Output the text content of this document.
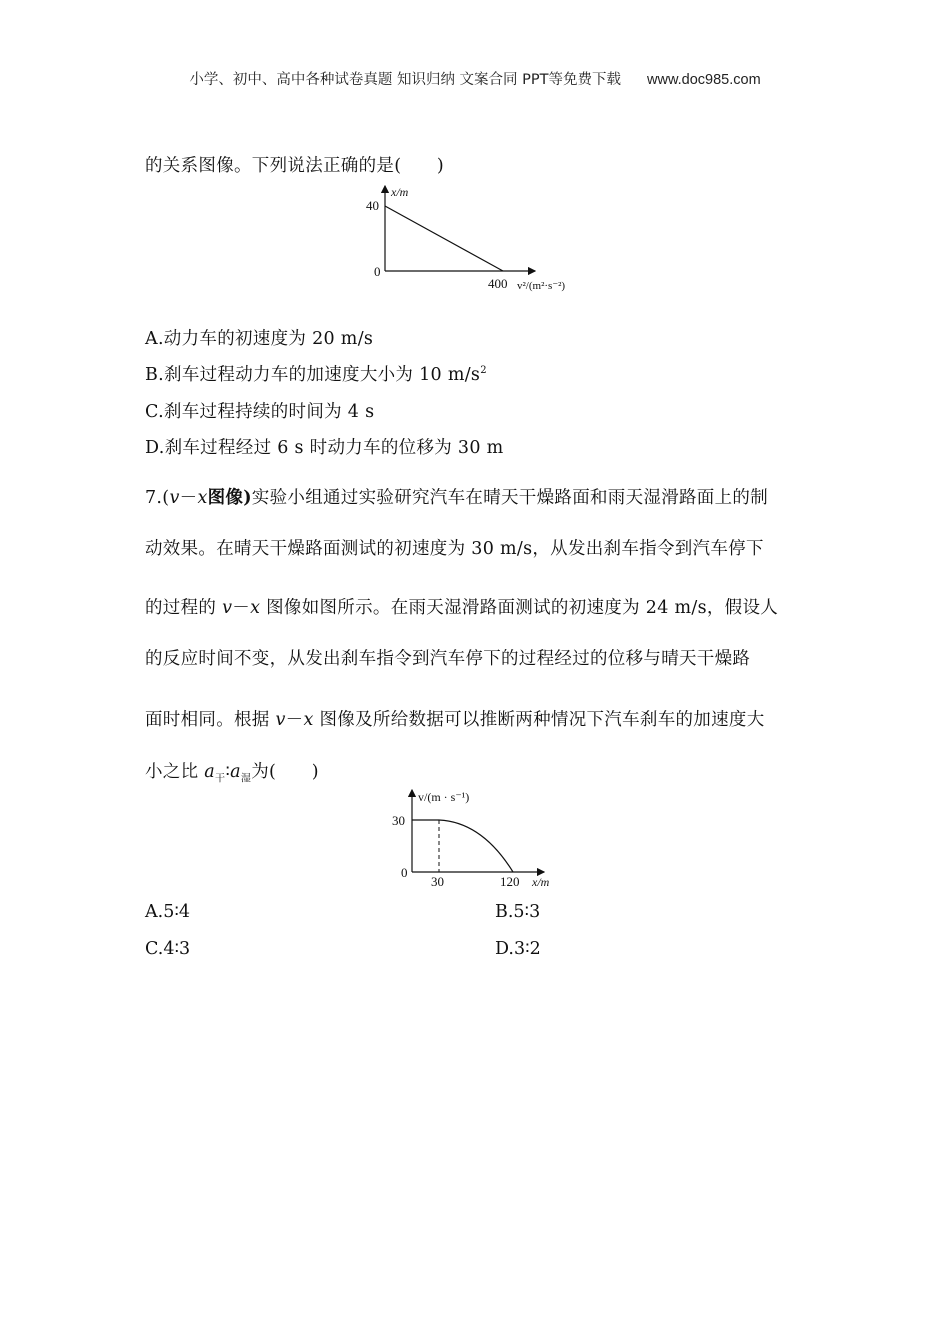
小学、初中、高中各种试卷真题 知识归纳 文案合同 PPT等免费下载 www.doc985.com
的关系图像。下列说法正确的是(　　)
x/m
40
0
400 v²/(m²·s⁻²)
A.动力车的初速度为 20 m/s
B.刹车过程动力车的加速度大小为 10 $m/s^2$
C.刹车过程持续的时间为 4 s
D.刹车过程经过 6 s 时动力车的位移为 30 m
7.(v－x图像)实验小组通过实验研究汽车在晴天干燥路面和雨天湿滑路面上的制
动效果。在晴天干燥路面测试的初速度为 30 m/s，从发出刹车指令到汽车停下
的过程的 v－x 图像如图所示。在雨天湿滑路面测试的初速度为 24 m/s，假设人
的反应时间不变，从发出刹车指令到汽车停下的过程经过的位移与晴天干燥路
面时相同。根据 v－x 图像及所给数据可以推断两种情况下汽车刹车的加速度大
小之比 $a_干∶a_湿$为(　　)
v/(m · s⁻¹)
30
0
30	120 x/m
A.5∶4	B.5∶3
C.4∶3	D.3∶2
